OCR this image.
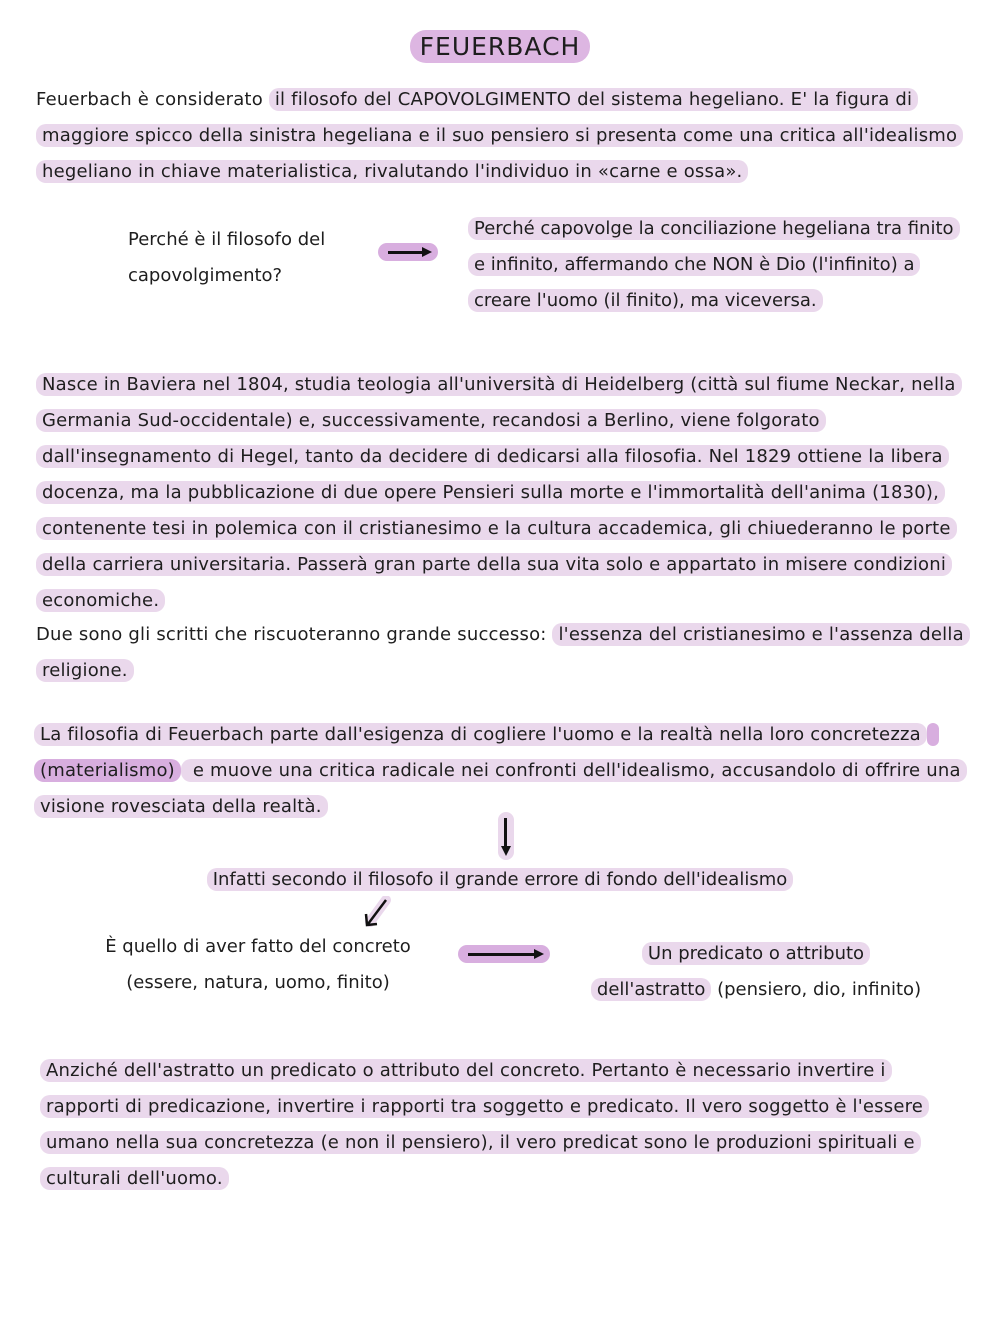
FEUERBACH

Feuerbach è considerato il filosofo del CAPOVOLGIMENTO del sistema hegeliano. E' la figura di maggiore spicco della sinistra hegeliana e il suo pensiero si presenta come una critica all'idealismo hegeliano in chiave materialistica, rivalutando l'individuo in «carne e ossa».

Perché è il filosofo del capovolgimento?
Perché capovolge la conciliazione hegeliana tra finito e infinito, affermando che NON è Dio (l'infinito) a creare l'uomo (il finito), ma viceversa.

Nasce in Baviera nel 1804, studia teologia all'università di Heidelberg (città sul fiume Neckar, nella Germania Sud-occidentale) e, successivamente, recandosi a Berlino, viene folgorato dall'insegnamento di Hegel, tanto da decidere di dedicarsi alla filosofia. Nel 1829 ottiene la libera docenza, ma la pubblicazione di due opere Pensieri sulla morte e l'immortalità dell'anima (1830), contenente tesi in polemica con il cristianesimo e la cultura accademica, gli chiuederanno le porte della carriera universitaria. Passerà gran parte della sua vita solo e appartato in misere condizioni economiche.

Due sono gli scritti che riscuoteranno grande successo: l'essenza del cristianesimo e l'assenza della religione.

La filosofia di Feuerbach parte dall'esigenza di cogliere l'uomo e la realtà nella loro concretezza (materialismo) e muove una critica radicale nei confronti dell'idealismo, accusandolo di offrire una visione rovesciata della realtà.

Infatti secondo il filosofo il grande errore di fondo dell'idealismo
È quello di aver fatto del concreto (essere, natura, uomo, finito)
Un predicato o attributo
dell'astratto (pensiero, dio, infinito)

Anziché dell'astratto un predicato o attributo del concreto. Pertanto è necessario invertire i rapporti di predicazione, invertire i rapporti tra soggetto e predicato. Il vero soggetto è l'essere umano nella sua concretezza (e non il pensiero), il vero predicat sono le produzioni spirituali e culturali dell'uomo.
